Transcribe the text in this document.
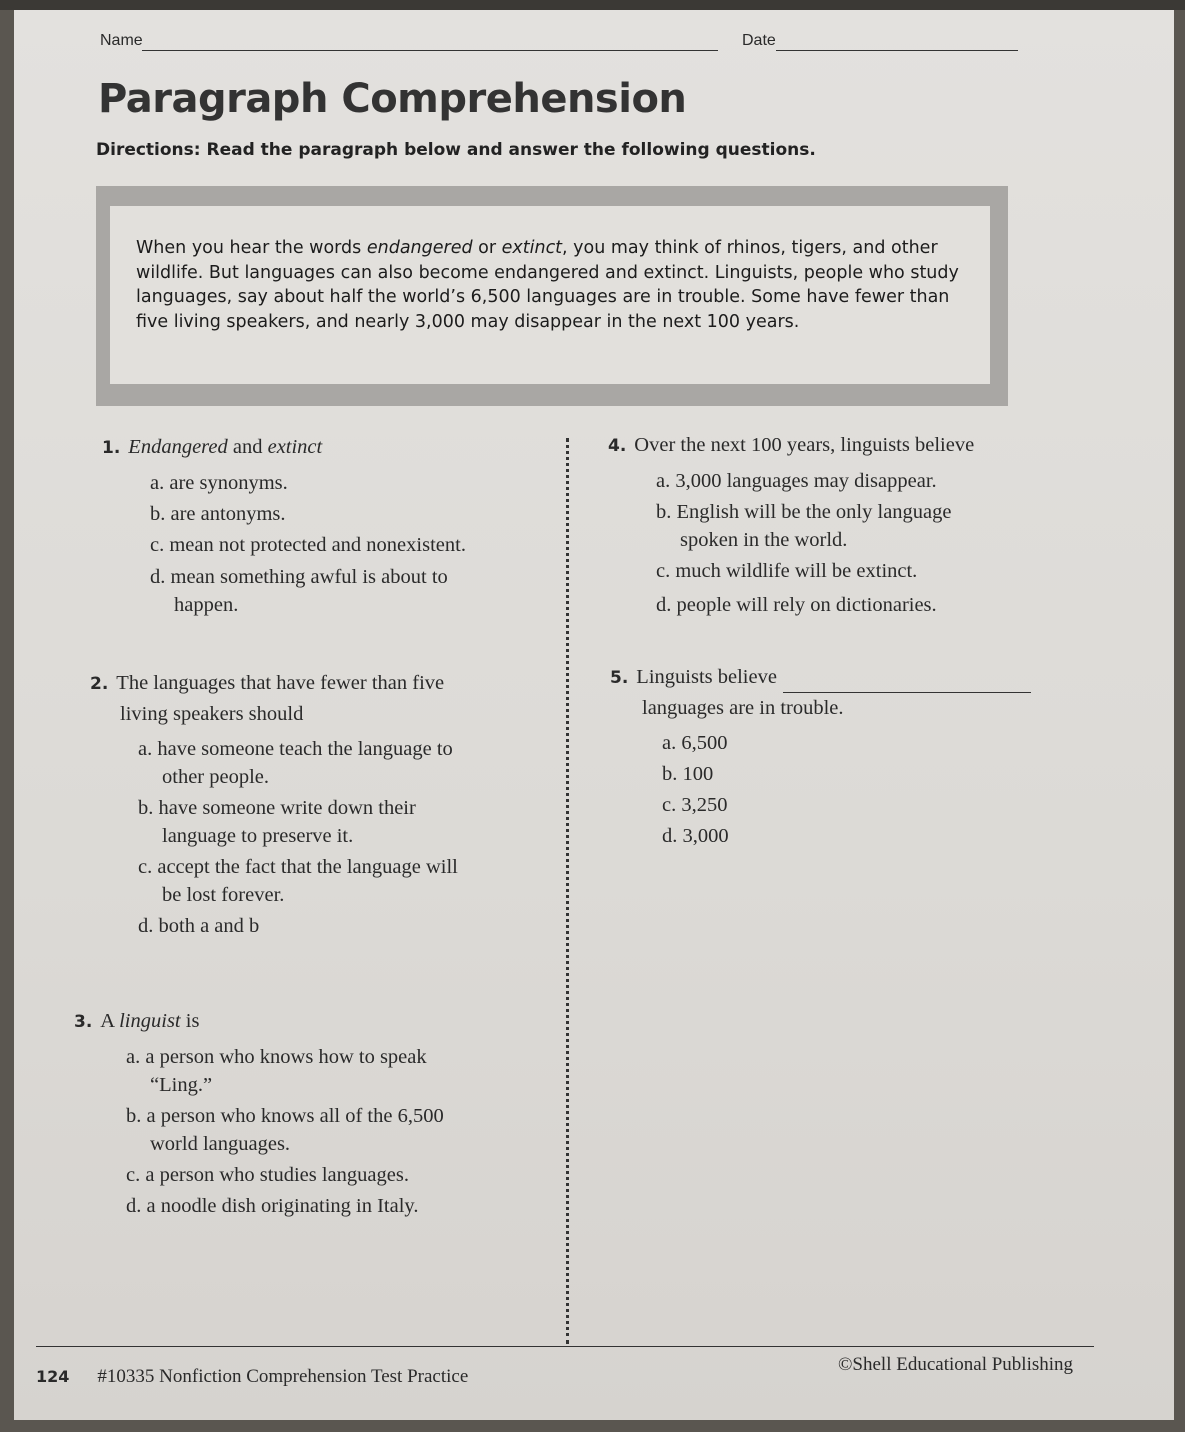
Name	Date
Paragraph Comprehension
Directions: Read the paragraph below and answer the following questions.
When you hear the words endangered or extinct, you may think of rhinos, tigers, and other wildlife. But languages can also become endangered and extinct. Linguists, people who study languages, say about half the world’s 6,500 languages are in trouble. Some have fewer than five living speakers, and nearly 3,000 may disappear in the next 100 years.
1. Endangered and extinct
a. are synonyms.
b. are antonyms.
c. mean not protected and nonexistent.
d. mean something awful is about to
happen.
2. The languages that have fewer than five
living speakers should
a. have someone teach the language to
other people.
b. have someone write down their
language to preserve it.
c. accept the fact that the language will
be lost forever.
d. both a and b
3. A linguist is
a. a person who knows how to speak
“Ling.”
b. a person who knows all of the 6,500
world languages.
c. a person who studies languages.
d. a noodle dish originating in Italy.
4. Over the next 100 years, linguists believe
a. 3,000 languages may disappear.
b. English will be the only language
spoken in the world.
c. much wildlife will be extinct.
d. people will rely on dictionaries.
5. Linguists believe
languages are in trouble.
a. 6,500
b. 100
c. 3,250
d. 3,000
124 #10335 Nonfiction Comprehension Test Practice
©Shell Educational Publishing
